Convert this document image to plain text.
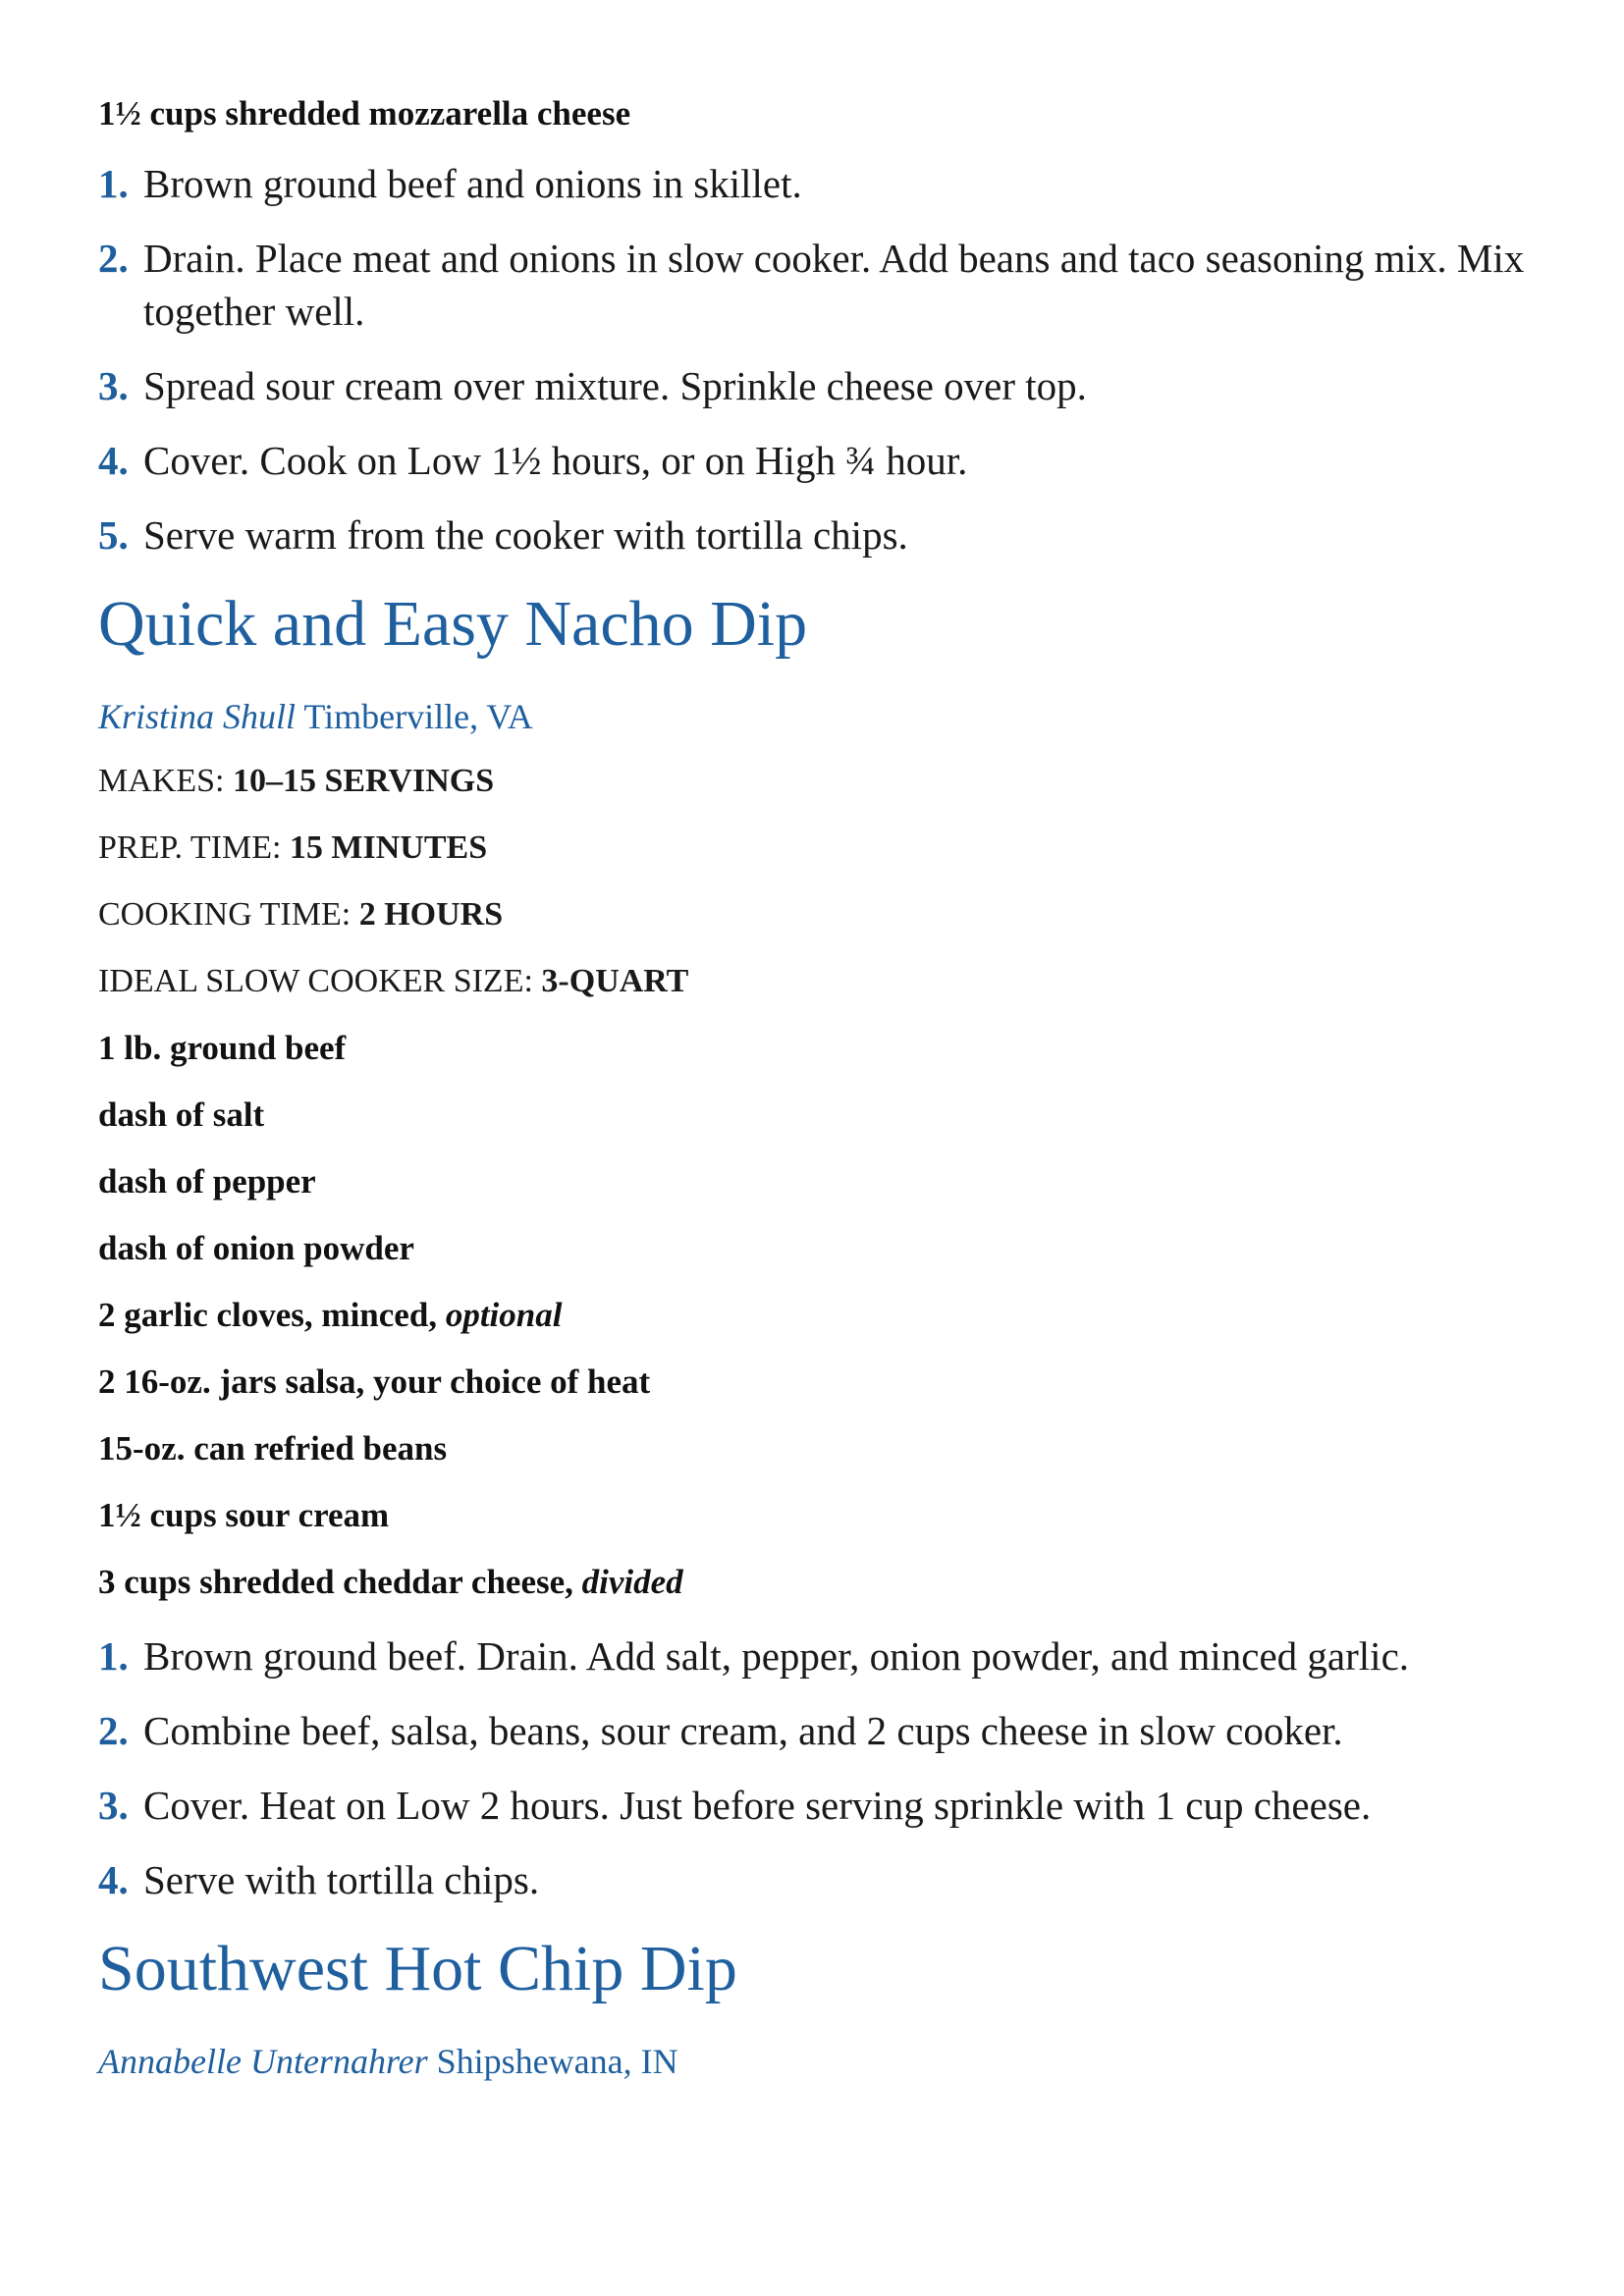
1½ cups shredded mozzarella cheese
1. Brown ground beef and onions in skillet.
2. Drain. Place meat and onions in slow cooker. Add beans and taco seasoning mix. Mix together well.
3. Spread sour cream over mixture. Sprinkle cheese over top.
4. Cover. Cook on Low 1½ hours, or on High ¾ hour.
5. Serve warm from the cooker with tortilla chips.
Quick and Easy Nacho Dip
Kristina Shull Timberville, VA
MAKES: 10–15 SERVINGS
PREP. TIME: 15 MINUTES
COOKING TIME: 2 HOURS
IDEAL SLOW COOKER SIZE: 3-QUART
1 lb. ground beef
dash of salt
dash of pepper
dash of onion powder
2 garlic cloves, minced, optional
2 16-oz. jars salsa, your choice of heat
15-oz. can refried beans
1½ cups sour cream
3 cups shredded cheddar cheese, divided
1. Brown ground beef. Drain. Add salt, pepper, onion powder, and minced garlic.
2. Combine beef, salsa, beans, sour cream, and 2 cups cheese in slow cooker.
3. Cover. Heat on Low 2 hours. Just before serving sprinkle with 1 cup cheese.
4. Serve with tortilla chips.
Southwest Hot Chip Dip
Annabelle Unternahrer Shipshewana, IN
